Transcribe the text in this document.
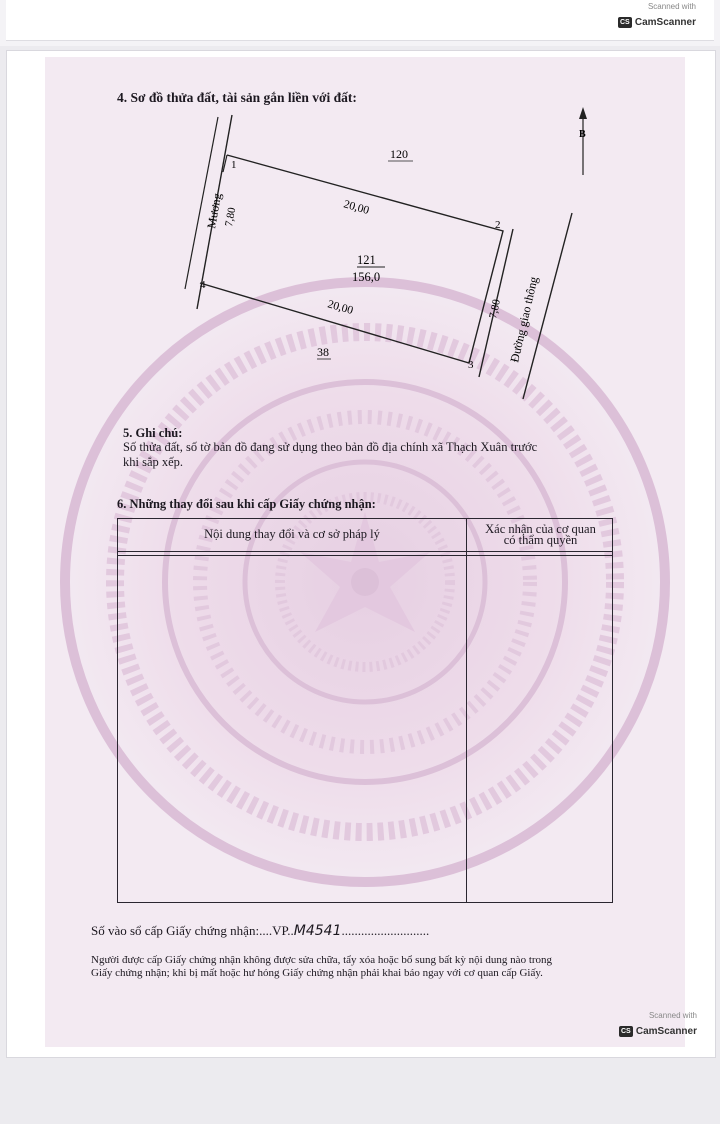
Scanned with
CS CamScanner
4. Sơ đồ thửa đất, tài sản gắn liền với đất:
B
120
121
156,0
20,00
20,00
7,80
7,80
Mương
Đường giao thông
1
2
3
4
38
5. Ghi chú:
Số thửa đất, số tờ bản đồ đang sử dụng theo bản đồ địa chính xã Thạch Xuân trước
khi sắp xếp.
6. Những thay đổi sau khi cấp Giấy chứng nhận:
Nội dung thay đổi và cơ sở pháp lý	Xác nhận của cơ quan
có thẩm quyền
Số vào sổ cấp Giấy chứng nhận:....VP..M4541...........................
Người được cấp Giấy chứng nhận không được sửa chữa, tẩy xóa hoặc bổ sung bất kỳ nội dung nào trong
Giấy chứng nhận; khi bị mất hoặc hư hỏng Giấy chứng nhận phải khai báo ngay với cơ quan cấp Giấy.
Scanned with
CS CamScanner
